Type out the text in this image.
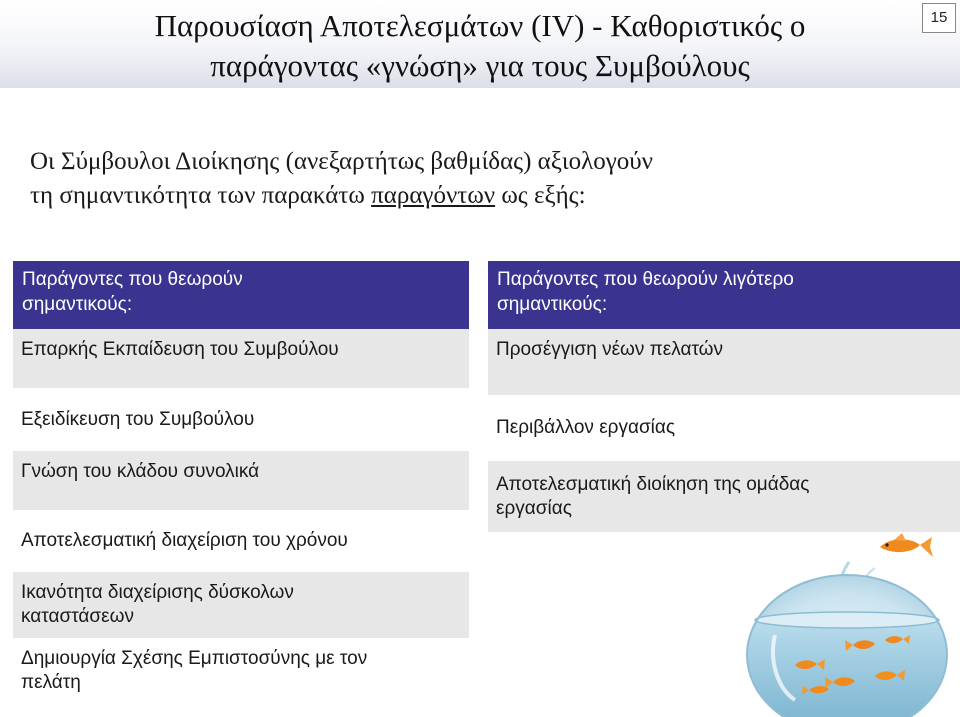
Παρουσίαση Αποτελεσμάτων (IV) - Καθοριστικός ο
παράγοντας «γνώση» για τους Συμβούλους
15
Οι Σύμβουλοι Διοίκησης (ανεξαρτήτως βαθμίδας) αξιολογούν
τη σημαντικότητα των παρακάτω παραγόντων ως εξής:
Παράγοντες που θεωρούν
σημαντικούς:
Επαρκής Εκπαίδευση του Συμβούλου
Εξειδίκευση του Συμβούλου
Γνώση του κλάδου συνολικά
Αποτελεσματική διαχείριση του χρόνου
Ικανότητα διαχείρισης δύσκολων
καταστάσεων
Δημιουργία Σχέσης Εμπιστοσύνης με τον
πελάτη
Παράγοντες που θεωρούν λιγότερο
σημαντικούς:
Προσέγγιση νέων πελατών
Περιβάλλον εργασίας
Αποτελεσματική διοίκηση της ομάδας
εργασίας
